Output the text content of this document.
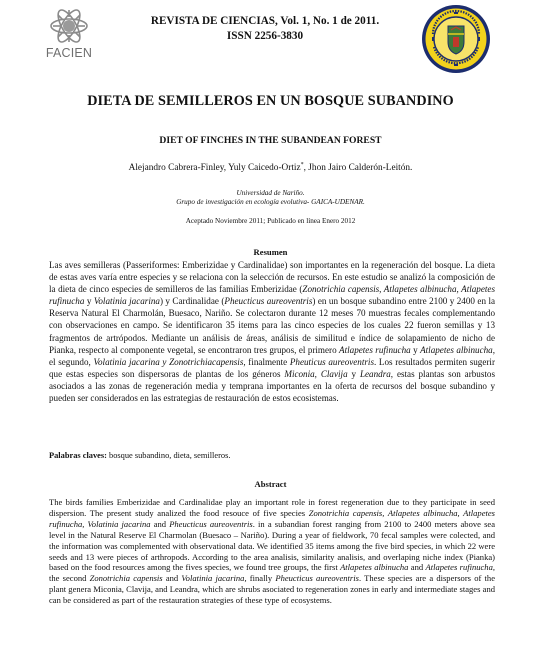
FACIEN
REVISTA DE CIENCIAS, Vol. 1, No. 1 de 2011.
ISSN 2256-3830
DIETA DE SEMILLEROS EN UN BOSQUE SUBANDINO
DIET OF FINCHES IN THE SUBANDEAN FOREST
Alejandro Cabrera-Finley, Yuly Caicedo-Ortiz*, Jhon Jairo Calderón-Leitón.
Universidad de Nariño.
Grupo de investigación en ecología evolutiva- GAICA-UDENAR.
Aceptado Noviembre 2011; Publicado en línea Enero 2012
Resumen

Las aves semilleras (Passeriformes: Emberizidae y Cardinalidae) son importantes en la regeneración del bosque. La dieta de estas aves varía entre especies y se relaciona con la selección de recursos. En este estudio se analizó la composición de la dieta de cinco especies de semilleros de las familias Emberizidae (Zonotrichia capensis, Atlapetes albinucha, Atlapetes rufinucha y Volatinia jacarina) y Cardinalidae (Pheucticus aureoventris) en un bosque subandino entre 2100 y 2400 en la Reserva Natural El Charmolán, Buesaco, Nariño. Se colectaron durante 12 meses 70 muestras fecales complementando con observaciones en campo. Se identificaron 35 items para las cinco especies de los cuales 22 fueron semillas y 13 fragmentos de artrópodos. Mediante un análisis de áreas, análisis de similitud e índice de solapamiento de nicho de Pianka, respecto al componente vegetal, se encontraron tres grupos, el primero Atlapetes rufinucha y Atlapetes albinucha, el segundo, Volatinia jacarina y Zonotrichiacapensis, finalmente Pheuticus aureoventris. Los resultados permiten sugerir que estas especies son dispersoras de plantas de los géneros Miconia, Clavija y Leandra, estas plantas son arbustos asociados a las zonas de regeneración media y temprana importantes en la oferta de recursos del bosque subandino y pueden ser considerados en las estrategias de restauración de estos ecosistemas.

Palabras claves: bosque subandino, dieta, semilleros.
Abstract

The birds families Emberizidae and Cardinalidae play an important role in forest regeneration due to they participate in seed dispersion. The present study analized the food resouce of five species Zonotrichia capensis, Atlapetes albinucha, Atlapetes rufinucha, Volatinia jacarina and Pheucticus aureoventris. in a subandian forest ranging from 2100 to 2400 meters above sea level in the Natural Reserve El Charmolan (Buesaco – Nariño). During a year of fieldwork, 70 fecal samples were colected, and the information was complemented with observational data. We identified 35 items among the five bird species, in which 22 were seeds and 13 were pieces of arthropods. According to the area analisis, similarity analisis, and overlaping niche index (Pianka) based on the food resources among the fives species, we found tree groups, the first Atlapetes albinucha and Atlapetes rufinucha, the second Zonotrichia capensis and Volatinia jacarina, finally Pheucticus aureoventris. These species are a dispersors of the plant genera Miconia, Clavija, and Leandra, which are shrubs asociated to regeneration zones in early and intermediate stages and can be considered as part of the restauration strategies of these type of ecosystems.
